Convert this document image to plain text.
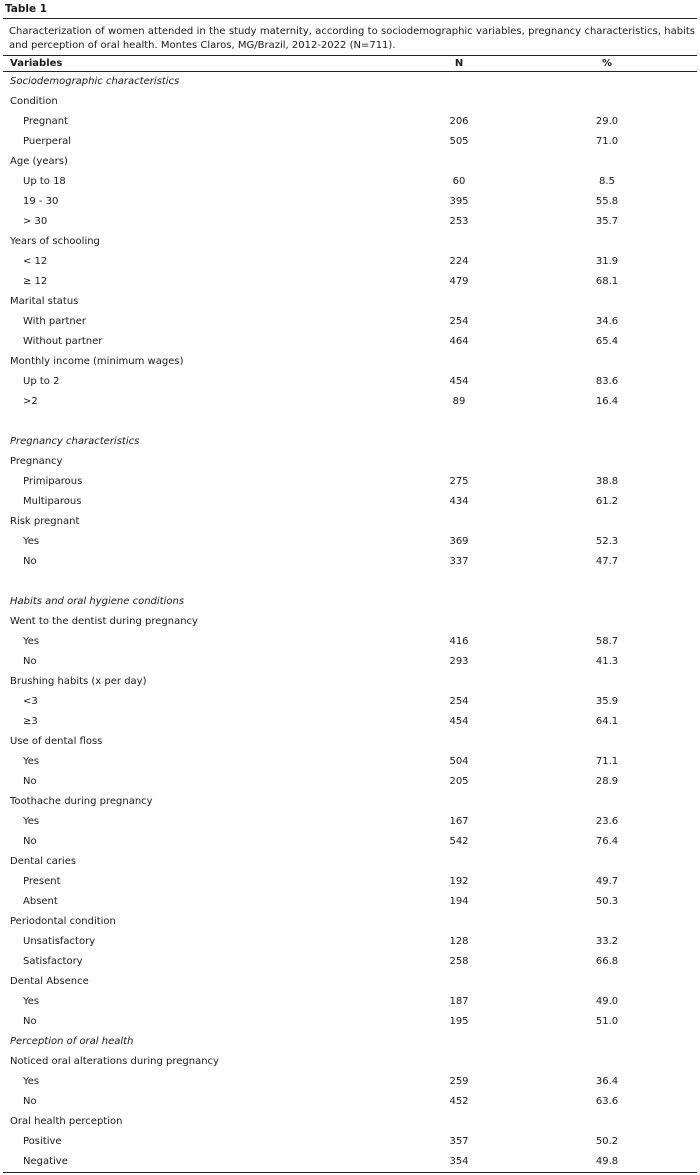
Table 1
Characterization of women attended in the study maternity, according to sociodemographic variables, pregnancy characteristics, habits and perception of oral health. Montes Claros, MG/Brazil, 2012-2022 (N=711).
Variables	N	%
Sociodemographic characteristics		
Condition		
Pregnant	206	29.0
Puerperal	505	71.0
Age (years)		
Up to 18	60	8.5
19 - 30	395	55.8
> 30	253	35.7
Years of schooling		
< 12	224	31.9
≥ 12	479	68.1
Marital status		
With partner	254	34.6
Without partner	464	65.4
Monthly income (minimum wages)		
Up to 2	454	83.6
>2	89	16.4

Pregnancy characteristics		
Pregnancy		
Primiparous	275	38.8
Multiparous	434	61.2
Risk pregnant		
Yes	369	52.3
No	337	47.7

Habits and oral hygiene conditions		
Went to the dentist during pregnancy		
Yes	416	58.7
No	293	41.3
Brushing habits (x per day)		
<3	254	35.9
≥3	454	64.1
Use of dental floss		
Yes	504	71.1
No	205	28.9
Toothache during pregnancy		
Yes	167	23.6
No	542	76.4
Dental caries		
Present	192	49.7
Absent	194	50.3
Periodontal condition		
Unsatisfactory	128	33.2
Satisfactory	258	66.8
Dental Absence		
Yes	187	49.0
No	195	51.0
Perception of oral health		
Noticed oral alterations during pregnancy		
Yes	259	36.4
No	452	63.6
Oral health perception		
Positive	357	50.2
Negative	354	49.8
